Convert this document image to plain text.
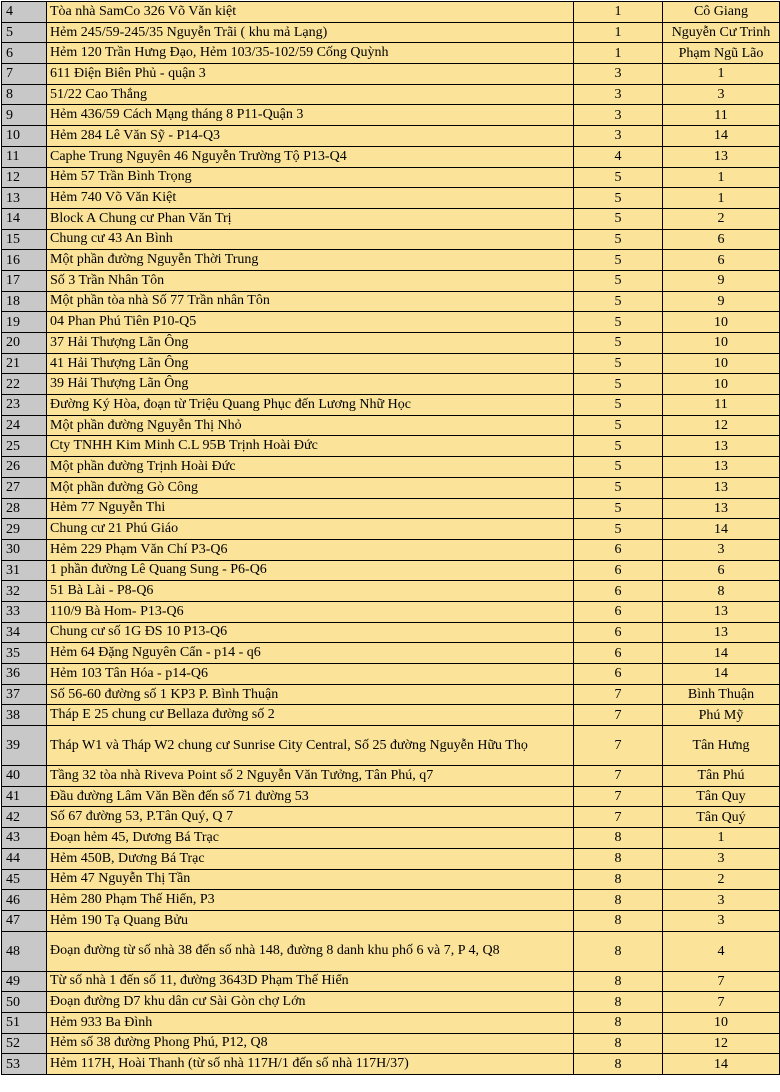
4	Tòa nhà SamCo 326 Võ Văn kiệt	1	Cô Giang
5	Hẻm 245/59-245/35 Nguyễn Trãi ( khu mả Lạng)	1	Nguyễn Cư Trinh
6	Hẻm 120 Trần Hưng Đạo, Hẻm 103/35-102/59 Cống Quỳnh	1	Phạm Ngũ Lão
7	611 Điện Biên Phủ - quận 3	3	1
8	51/22 Cao Thắng	3	3
9	Hẻm 436/59 Cách Mạng tháng 8 P11-Quận 3	3	11
10	Hẻm 284 Lê Văn Sỹ - P14-Q3	3	14
11	Caphe Trung Nguyên 46 Nguyễn Trường Tộ P13-Q4	4	13
12	Hẻm 57 Trần Bình Trọng	5	1
13	Hẻm 740 Võ Văn Kiệt	5	1
14	Block A Chung cư Phan Văn Trị	5	2
15	Chung cư 43 An Bình	5	6
16	Một phần đường Nguyễn Thời Trung	5	6
17	Số 3 Trần Nhân Tôn	5	9
18	Một phần tòa nhà Số 77 Trần nhân Tôn	5	9
19	04 Phan Phú Tiên P10-Q5	5	10
20	37 Hải Thượng Lãn Ông	5	10
21	41 Hải Thượng Lãn Ông	5	10
22	39 Hải Thượng Lãn Ông	5	10
23	Đường Ký Hòa, đoạn từ Triệu Quang Phục đến Lương Nhữ Học	5	11
24	Một phần đường Nguyễn Thị Nhỏ	5	12
25	Cty TNHH Kim Minh C.L 95B Trịnh Hoài Đức	5	13
26	Một phần đường Trịnh Hoài Đức	5	13
27	Một phần đường Gò Công	5	13
28	Hẻm 77 Nguyễn Thi	5	13
29	Chung cư 21 Phú Giáo	5	14
30	Hẻm 229 Phạm Văn Chí P3-Q6	6	3
31	1 phần đường Lê Quang Sung - P6-Q6	6	6
32	51 Bà Lài - P8-Q6	6	8
33	110/9 Bà Hom- P13-Q6	6	13
34	Chung cư số 1G ĐS 10 P13-Q6	6	13
35	Hẻm 64 Đặng Nguyên Cẩn - p14 - q6	6	14
36	Hẻm 103 Tân Hóa - p14-Q6	6	14
37	Số 56-60 đường số 1 KP3 P. Bình Thuận	7	Bình Thuận
38	Tháp E 25 chung cư Bellaza đường số 2	7	Phú Mỹ
39	Tháp W1 và Tháp W2 chung cư Sunrise City Central, Số 25 đường Nguyễn Hữu Thọ	7	Tân Hưng
40	Tầng 32 tòa nhà Riveva Point số 2 Nguyễn Văn Tưởng, Tân Phú, q7	7	Tân Phú
41	Đầu đường Lâm Văn Bền đến số 71 đường 53	7	Tân Quy
42	Số 67 đường 53, P.Tân Quý, Q 7	7	Tân Quý
43	Đoạn hẻm 45, Dương Bá Trạc	8	1
44	Hẻm 450B, Dương Bá Trạc	8	3
45	Hẻm 47 Nguyễn Thị Tần	8	2
46	Hẻm 280 Phạm Thế Hiển, P3	8	3
47	Hẻm 190 Tạ Quang Bửu	8	3
48	Đoạn đường từ số nhà 38 đến số nhà 148, đường 8 danh khu phố 6 và 7, P 4, Q8	8	4
49	Từ số nhà 1 đến số 11, đường 3643D Phạm Thế Hiển	8	7
50	Đoạn đường D7 khu dân cư Sài Gòn chợ Lớn	8	7
51	Hẻm 933 Ba Đình	8	10
52	Hẻm số 38 đường Phong Phú, P12, Q8	8	12
53	Hẻm 117H, Hoài Thanh (từ số nhà 117H/1 đến số nhà 117H/37)	8	14
